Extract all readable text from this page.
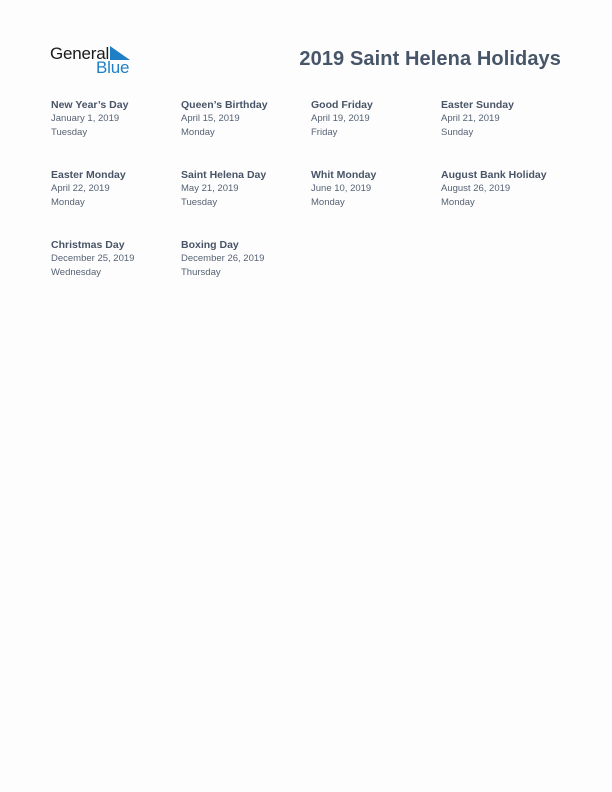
General
Blue	2019 Saint Helena Holidays
New Year’s Day
January 1, 2019
Tuesday
Queen’s Birthday
April 15, 2019
Monday
Good Friday
April 19, 2019
Friday
Easter Sunday
April 21, 2019
Sunday
Easter Monday
April 22, 2019
Monday
Saint Helena Day
May 21, 2019
Tuesday
Whit Monday
June 10, 2019
Monday
August Bank Holiday
August 26, 2019
Monday
Christmas Day
December 25, 2019
Wednesday
Boxing Day
December 26, 2019
Thursday
